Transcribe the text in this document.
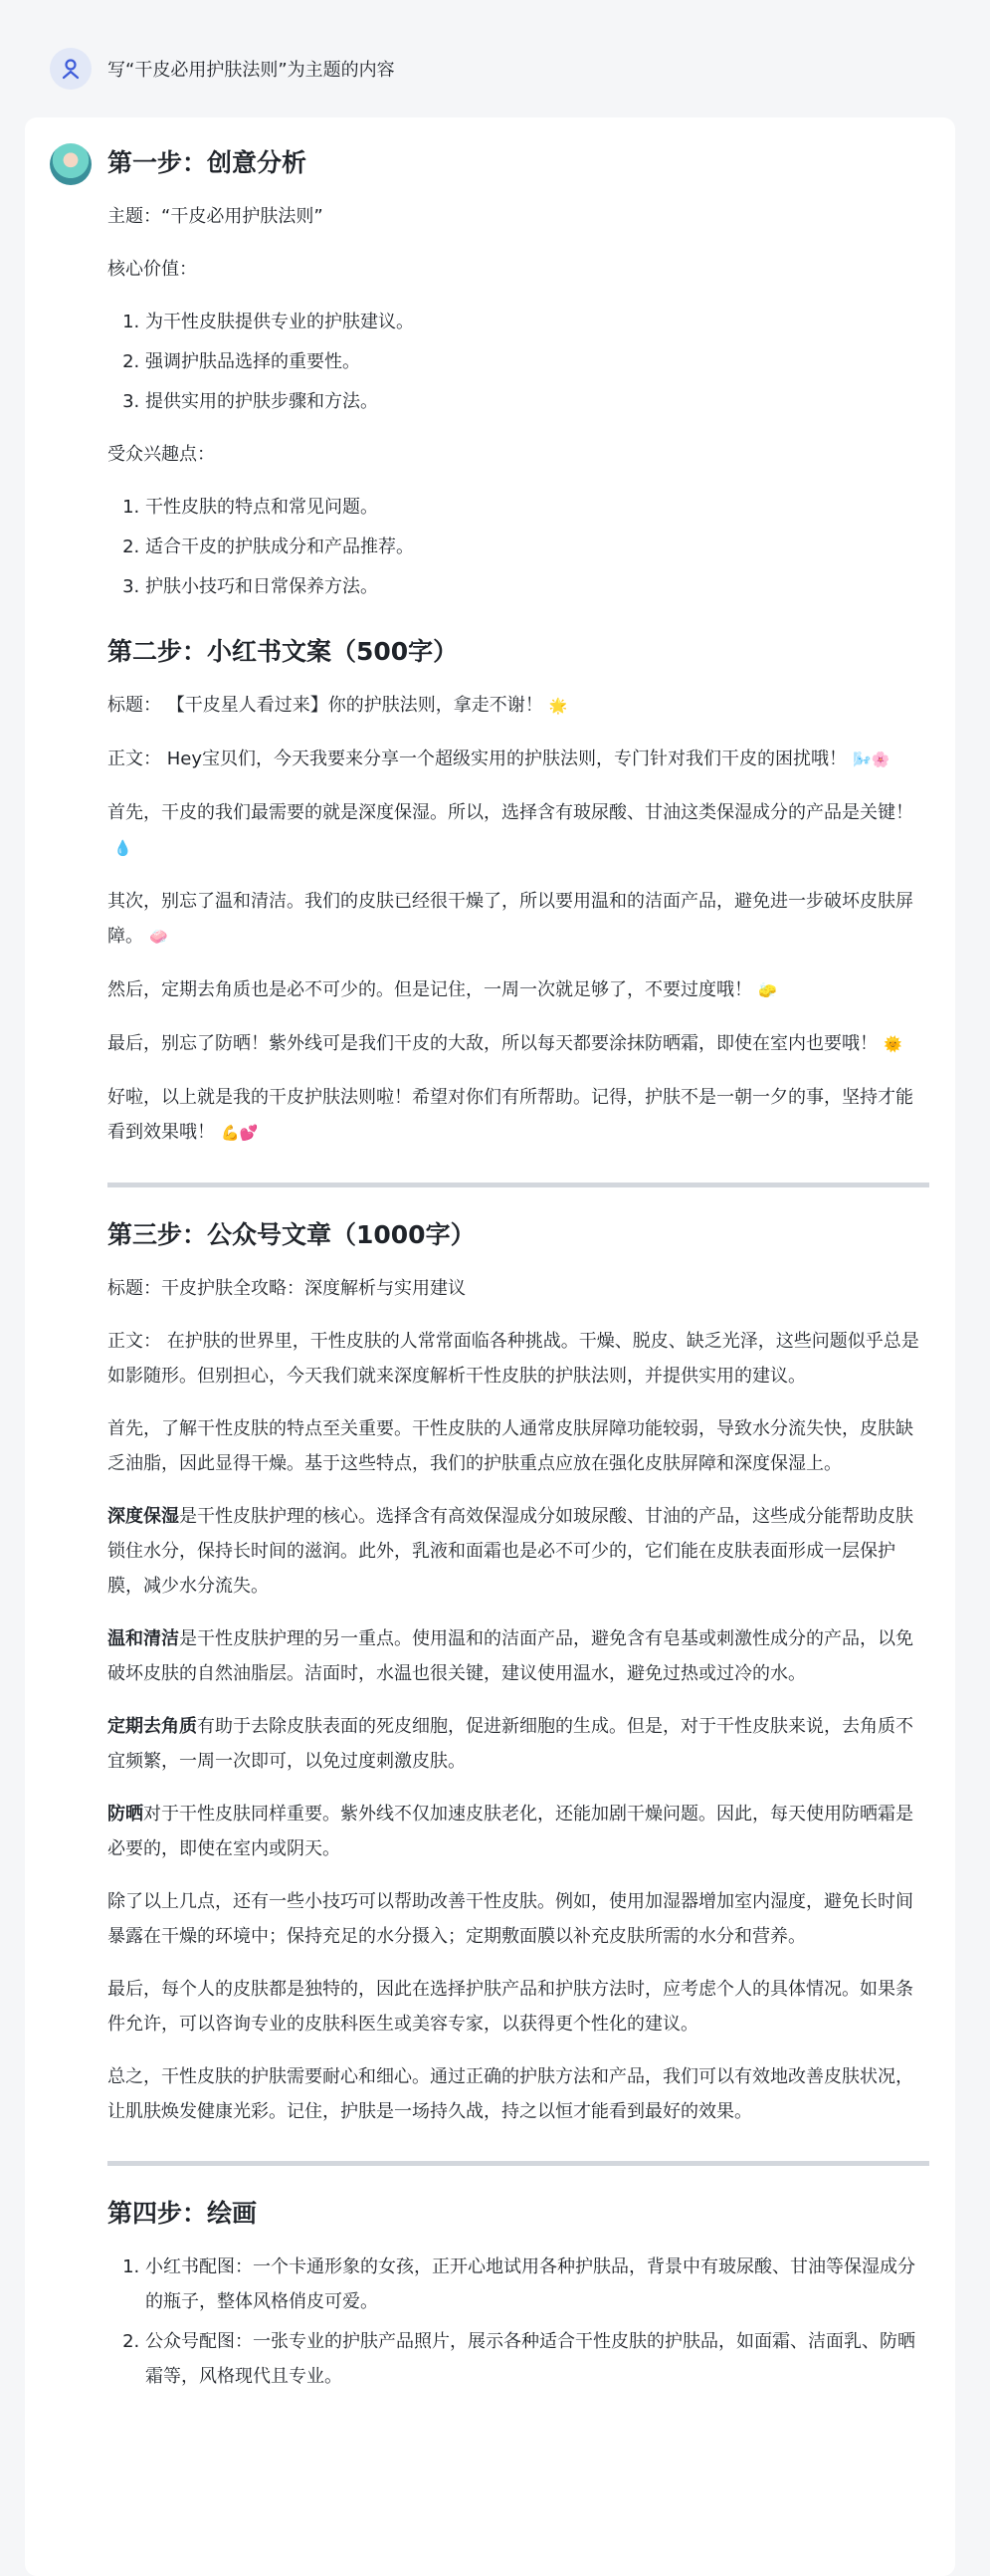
写“干皮必用护肤法则”为主题的内容
第一步：创意分析

主题：“干皮必用护肤法则”

核心价值：

1. 为干性皮肤提供专业的护肤建议。
2. 强调护肤品选择的重要性。
3. 提供实用的护肤步骤和方法。

受众兴趣点：

1. 干性皮肤的特点和常见问题。
2. 适合干皮的护肤成分和产品推荐。
3. 护肤小技巧和日常保养方法。
第二步：小红书文案（500字）

标题： 【干皮星人看过来】你的护肤法则，拿走不谢！ 🌟

正文： Hey宝贝们，今天我要来分享一个超级实用的护肤法则，专门针对我们干皮的困扰哦！ 🌬️🌸

首先，干皮的我们最需要的就是深度保湿。所以，选择含有玻尿酸、甘油这类保湿成分的产品是关键！💧

其次，别忘了温和清洁。我们的皮肤已经很干燥了，所以要用温和的洁面产品，避免进一步破坏皮肤屏障。 🧼

然后，定期去角质也是必不可少的。但是记住，一周一次就足够了，不要过度哦！ 🧽

最后，别忘了防晒！紫外线可是我们干皮的大敌，所以每天都要涂抹防晒霜，即使在室内也要哦！ 🌞

好啦，以上就是我的干皮护肤法则啦！希望对你们有所帮助。记得，护肤不是一朝一夕的事，坚持才能看到效果哦！ 💪💕

第三步：公众号文章（1000字）

标题：干皮护肤全攻略：深度解析与实用建议

正文： 在护肤的世界里，干性皮肤的人常常面临各种挑战。干燥、脱皮、缺乏光泽，这些问题似乎总是如影随形。但别担心，今天我们就来深度解析干性皮肤的护肤法则，并提供实用的建议。

首先，了解干性皮肤的特点至关重要。干性皮肤的人通常皮肤屏障功能较弱，导致水分流失快，皮肤缺乏油脂，因此显得干燥。基于这些特点，我们的护肤重点应放在强化皮肤屏障和深度保湿上。

深度保湿是干性皮肤护理的核心。选择含有高效保湿成分如玻尿酸、甘油的产品，这些成分能帮助皮肤锁住水分，保持长时间的滋润。此外，乳液和面霜也是必不可少的，它们能在皮肤表面形成一层保护膜，减少水分流失。

温和清洁是干性皮肤护理的另一重点。使用温和的洁面产品，避免含有皂基或刺激性成分的产品，以免破坏皮肤的自然油脂层。洁面时，水温也很关键，建议使用温水，避免过热或过冷的水。

定期去角质有助于去除皮肤表面的死皮细胞，促进新细胞的生成。但是，对于干性皮肤来说，去角质不宜频繁，一周一次即可，以免过度刺激皮肤。

防晒对于干性皮肤同样重要。紫外线不仅加速皮肤老化，还能加剧干燥问题。因此，每天使用防晒霜是必要的，即使在室内或阴天。

除了以上几点，还有一些小技巧可以帮助改善干性皮肤。例如，使用加湿器增加室内湿度，避免长时间暴露在干燥的环境中；保持充足的水分摄入；定期敷面膜以补充皮肤所需的水分和营养。

最后，每个人的皮肤都是独特的，因此在选择护肤产品和护肤方法时，应考虑个人的具体情况。如果条件允许，可以咨询专业的皮肤科医生或美容专家，以获得更个性化的建议。

总之，干性皮肤的护肤需要耐心和细心。通过正确的护肤方法和产品，我们可以有效地改善皮肤状况，让肌肤焕发健康光彩。记住，护肤是一场持久战，持之以恒才能看到最好的效果。

第四步：绘画
1. 小红书配图：一个卡通形象的女孩，正开心地试用各种护肤品，背景中有玻尿酸、甘油等保湿成分的瓶子，整体风格俏皮可爱。
2. 公众号配图：一张专业的护肤产品照片，展示各种适合干性皮肤的护肤品，如面霜、洁面乳、防晒霜等，风格现代且专业。
